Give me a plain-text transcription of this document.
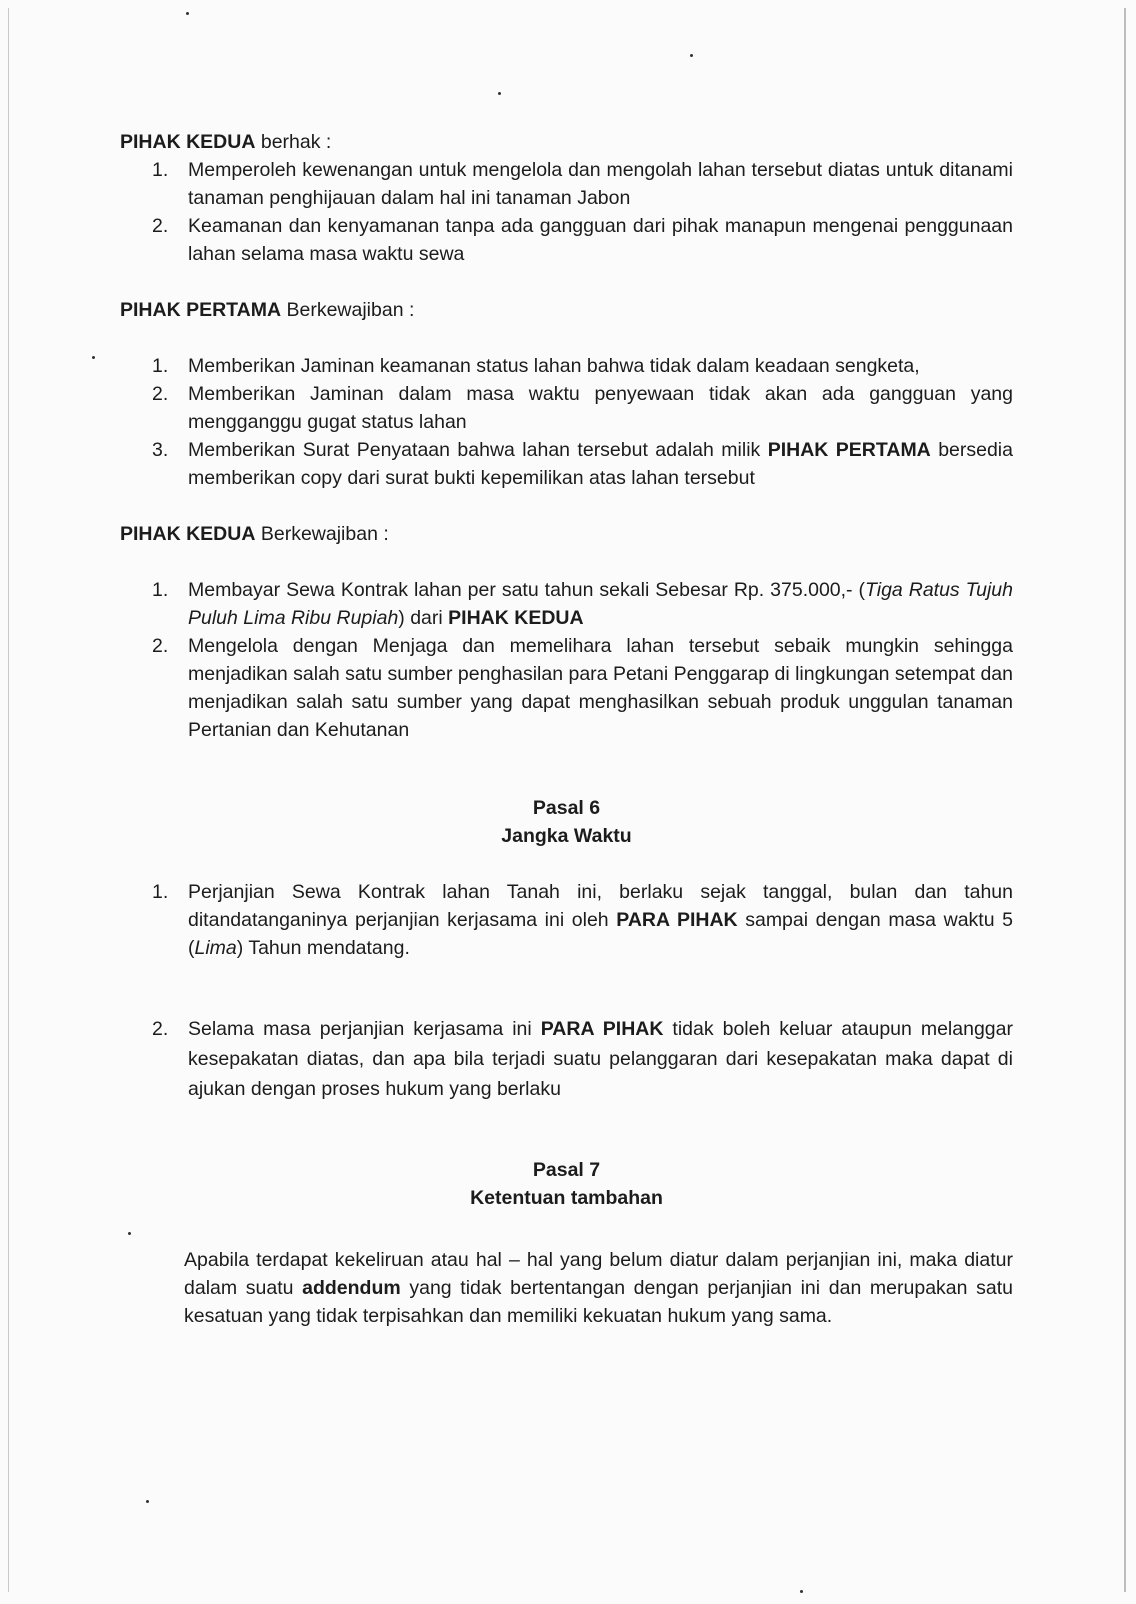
PIHAK KEDUA berhak :

1. Memperoleh kewenangan untuk mengelola dan mengolah lahan tersebut diatas untuk ditanami tanaman penghijauan dalam hal ini tanaman Jabon
2. Keamanan dan kenyamanan tanpa ada gangguan dari pihak manapun mengenai penggunaan lahan selama masa waktu sewa

PIHAK PERTAMA Berkewajiban :

1. Memberikan Jaminan keamanan status lahan bahwa tidak dalam keadaan sengketa,
2. Memberikan Jaminan dalam masa waktu penyewaan tidak akan ada gangguan yang mengganggu gugat status lahan
3. Memberikan Surat Penyataan bahwa lahan tersebut adalah milik PIHAK PERTAMA bersedia memberikan copy dari surat bukti kepemilikan atas lahan tersebut

PIHAK KEDUA Berkewajiban :

1. Membayar Sewa Kontrak lahan per satu tahun sekali Sebesar Rp. 375.000,- (Tiga Ratus Tujuh Puluh Lima Ribu Rupiah) dari PIHAK KEDUA
2. Mengelola dengan Menjaga dan memelihara lahan tersebut sebaik mungkin sehingga menjadikan salah satu sumber penghasilan para Petani Penggarap di lingkungan setempat dan menjadikan salah satu sumber yang dapat menghasilkan sebuah produk unggulan tanaman Pertanian dan Kehutanan

Pasal 6

Jangka Waktu

1. Perjanjian Sewa Kontrak lahan Tanah ini, berlaku sejak tanggal, bulan dan tahun ditandatanganinya perjanjian kerjasama ini oleh PARA PIHAK sampai dengan masa waktu 5 (Lima) Tahun mendatang.
2. Selama masa perjanjian kerjasama ini PARA PIHAK tidak boleh keluar ataupun melanggar kesepakatan diatas, dan apa bila terjadi suatu pelanggaran dari kesepakatan maka dapat di ajukan dengan proses hukum yang berlaku

Pasal 7

Ketentuan tambahan

Apabila terdapat kekeliruan atau hal – hal yang belum diatur dalam perjanjian ini, maka diatur dalam suatu addendum yang tidak bertentangan dengan perjanjian ini dan merupakan satu kesatuan yang tidak terpisahkan dan memiliki kekuatan hukum yang sama.
